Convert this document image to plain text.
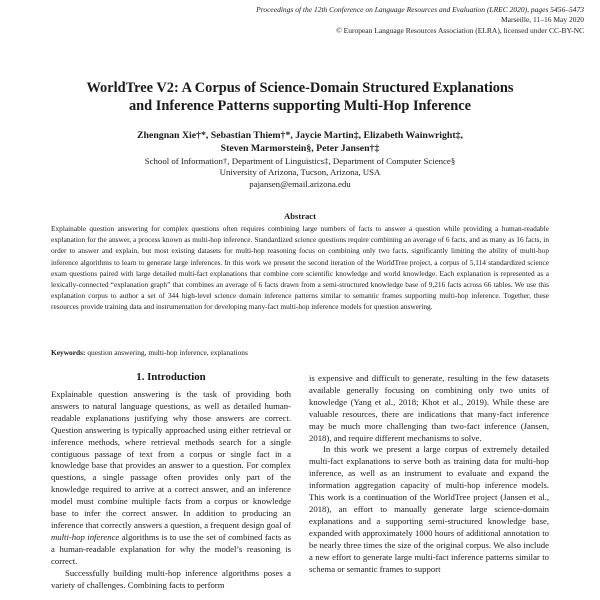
Proceedings of the 12th Conference on Language Resources and Evaluation (LREC 2020), pages 5456–5473
Marseille, 11–16 May 2020
© European Language Resources Association (ELRA), licensed under CC-BY-NC
WorldTree V2: A Corpus of Science-Domain Structured Explanations
and Inference Patterns supporting Multi-Hop Inference
Zhengnan Xie†*, Sebastian Thiem†*, Jaycie Martin‡, Elizabeth Wainwright‡,
Steven Marmorstein§, Peter Jansen†‡
School of Information†, Department of Linguistics‡, Department of Computer Science§
University of Arizona, Tucson, Arizona, USA
pajansen@email.arizona.edu
Abstract
Explainable question answering for complex questions often requires combining large numbers of facts to answer a question while providing a human-readable explanation for the answer, a process known as multi-hop inference. Standardized science questions require combining an average of 6 facts, and as many as 16 facts, in order to answer and explain, but most existing datasets for multi-hop reasoning focus on combining only two facts, significantly limiting the ability of multi-hop inference algorithms to learn to generate large inferences. In this work we present the second iteration of the WorldTree project, a corpus of 5,114 standardized science exam questions paired with large detailed multi-fact explanations that combine core scientific knowledge and world knowledge. Each explanation is represented as a lexically-connected “explanation graph” that combines an average of 6 facts drawn from a semi-structured knowledge base of 9,216 facts across 66 tables. We use this explanation corpus to author a set of 344 high-level science domain inference patterns similar to semantic frames supporting multi-hop inference. Together, these resources provide training data and instrumentation for developing many-fact multi-hop inference models for question answering.
Keywords: question answering, multi-hop inference, explanations
1. Introduction

Explainable question answering is the task of providing both answers to natural language questions, as well as detailed human-readable explanations justifying why those answers are correct. Question answering is typically approached using either retrieval or inference methods, where retrieval methods search for a single contiguous passage of text from a corpus or single fact in a knowledge base that provides an answer to a question. For complex questions, a single passage often provides only part of the knowledge required to arrive at a correct answer, and an inference model must combine multiple facts from a corpus or knowledge base to infer the correct answer. In addition to producing an inference that correctly answers a question, a frequent design goal of multi-hop inference algorithms is to use the set of combined facts as a human-readable explanation for why the model’s reasoning is correct.

Successfully building multi-hop inference algorithms poses a variety of challenges. Combining facts to perform

is expensive and difficult to generate, resulting in the few datasets available generally focusing on combining only two units of knowledge (Yang et al., 2018; Khot et al., 2019). While these are valuable resources, there are indications that many-fact inference may be much more challenging than two-fact inference (Jansen, 2018), and require different mechanisms to solve.

In this work we present a large corpus of extremely detailed multi-fact explanations to serve both as training data for multi-hop inference, as well as an instrument to evaluate and expand the information aggregation capacity of multi-hop inference models. This work is a continuation of the WorldTree project (Jansen et al., 2018), an effort to manually generate large science-domain explanations and a supporting semi-structured knowledge base, expanded with approximately 1000 hours of additional annotation to be nearly three times the size of the original corpus. We also include a new effort to generate large multi-fact inference patterns similar to schema or semantic frames to support
